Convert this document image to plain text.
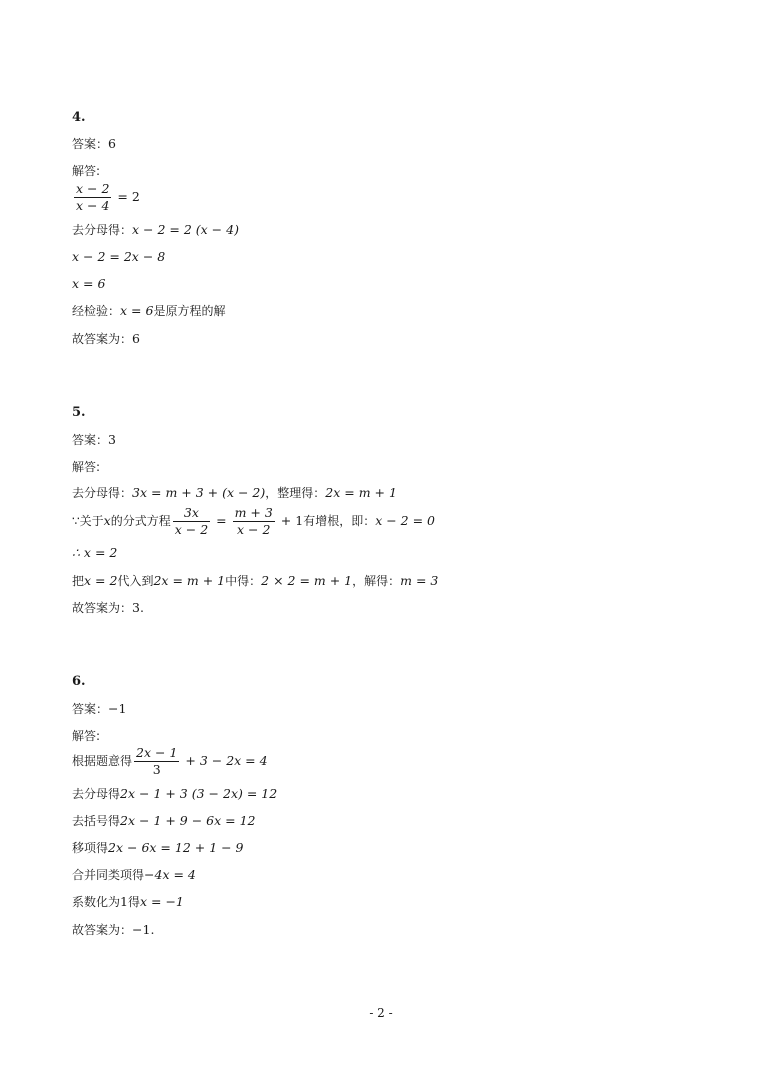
4.
答案：6
解答:
$\frac{x - 2}{x - 4} = 2$
去分母得：x − 2 = 2 (x − 4)
x − 2 = 2x − 8
x = 6
经检验：x = 6是原方程的解
故答案为：6
5.
答案：3
解答:
去分母得：3x = m + 3 + (x − 2)，整理得：2x = m + 1
∵关于x的分式方程 $\frac{3x}{x - 2} = \frac{m + 3}{x - 2} + 1$有增根，即：x − 2 = 0
∴ x = 2
把x = 2代入到2x = m + 1中得：2 × 2 = m + 1，解得：m = 3
故答案为：3.
6.
答案：−1
解答:
根据题意得 $\frac{2x - 1}{3} + 3 - 2x = 4$
去分母得2x − 1 + 3 (3 − 2x) = 12
去括号得2x − 1 + 9 − 6x = 12
移项得2x − 6x = 12 + 1 − 9
合并同类项得−4x = 4
系数化为1得x = −1
故答案为：−1.
- 2 -
